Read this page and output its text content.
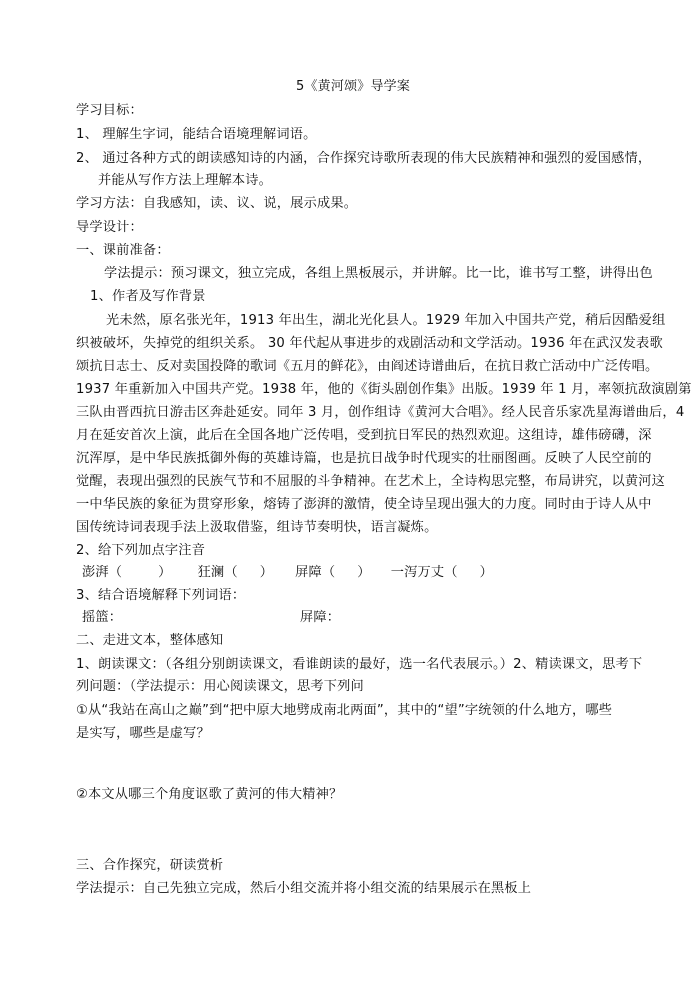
5《黄河颂》导学案
学习目标：
1、 理解生字词，能结合语境理解词语。
2、 通过各种方式的朗读感知诗的内涵，合作探究诗歌所表现的伟大民族精神和强烈的爱国感情，
并能从写作方法上理解本诗。
学习方法：自我感知，读、议、说，展示成果。
导学设计：
一、课前准备：
学法提示：预习课文，独立完成，各组上黑板展示，并讲解。比一比，谁书写工整，讲得出色
1、作者及写作背景
光未然，原名张光年，1913 年出生，湖北光化县人。1929 年加入中国共产党，稍后因酷爱组
织被破坏，失掉党的组织关系。 30 年代起从事进步的戏剧活动和文学活动。1936 年在武汉发表歌
颂抗日志士、反对卖国投降的歌词《五月的鲜花》，由阎述诗谱曲后，在抗日救亡活动中广泛传唱。
1937 年重新加入中国共产党。1938 年，他的《街头剧创作集》出版。1939 年 1 月，率领抗敌演剧第
三队由晋西抗日游击区奔赴延安。同年 3 月，创作组诗《黄河大合唱》。经人民音乐家冼星海谱曲后，4
月在延安首次上演，此后在全国各地广泛传唱，受到抗日军民的热烈欢迎。这组诗，雄伟磅礴，深
沉浑厚，是中华民族抵御外侮的英雄诗篇，也是抗日战争时代现实的壮丽图画。反映了人民空前的
觉醒，表现出强烈的民族气节和不屈服的斗争精神。在艺术上，全诗构思完整，布局讲究，以黄河这
一中华民族的象征为贯穿形象，熔铸了澎湃的激情，使全诗呈现出强大的力度。同时由于诗人从中
国传统诗词表现手法上汲取借鉴，组诗节奏明快，语言凝炼。
2、给下列加点字注音
澎湃（	） 狂澜（ ） 屏障（ ） 一泻万丈（ ）
3、结合语境解释下列词语：
摇篮：	屏障：
二、走进文本，整体感知
1、朗读课文：（各组分别朗读课文，看谁朗读的最好，选一名代表展示。）2、精读课文，思考下
列问题：（学法提示：用心阅读课文，思考下列问
①从“我站在高山之巅”到“把中原大地劈成南北两面”，其中的“望”字统领的什么地方，哪些
是实写，哪些是虚写？
②本文从哪三个角度讴歌了黄河的伟大精神？
三、合作探究，研读赏析
学法提示：自己先独立完成，然后小组交流并将小组交流的结果展示在黑板上
